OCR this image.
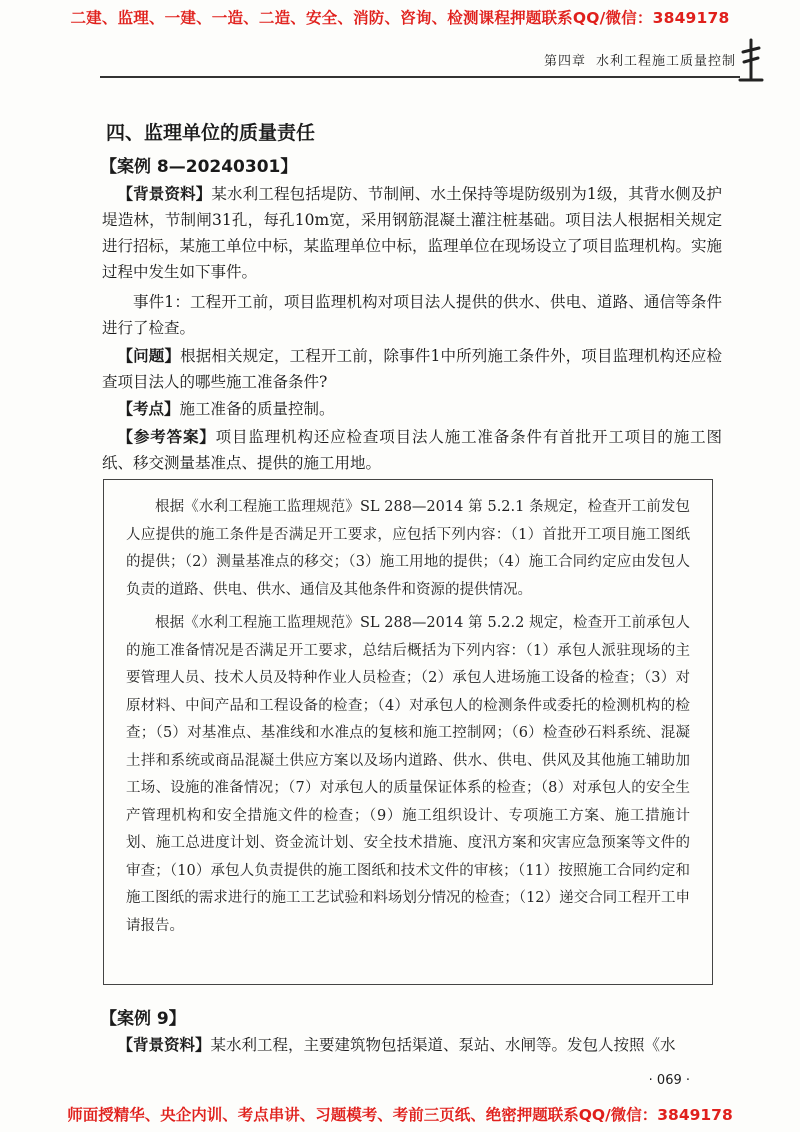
二建、监理、一建、一造、二造、安全、消防、咨询、检测课程押题联系QQ/微信：3849178
第四章 水利工程施工质量控制
四、监理单位的质量责任
【案例 8—20240301】
【背景资料】某水利工程包括堤防、节制闸、水土保持等堤防级别为1级，其背水侧及护堤造林，节制闸31孔，每孔10m宽，采用钢筋混凝土灌注桩基础。项目法人根据相关规定进行招标，某施工单位中标，某监理单位中标，监理单位在现场设立了项目监理机构。实施过程中发生如下事件。
事件1：工程开工前，项目监理机构对项目法人提供的供水、供电、道路、通信等条件进行了检查。
【问题】根据相关规定，工程开工前，除事件1中所列施工条件外，项目监理机构还应检查项目法人的哪些施工准备条件?
【考点】施工准备的质量控制。
【参考答案】项目监理机构还应检查项目法人施工准备条件有首批开工项目的施工图纸、移交测量基准点、提供的施工用地。

根据《水利工程施工监理规范》SL 288—2014 第 5.2.1 条规定，检查开工前发包人应提供的施工条件是否满足开工要求，应包括下列内容：（1）首批开工项目施工图纸的提供；（2）测量基准点的移交；（3）施工用地的提供；（4）施工合同约定应由发包人负责的道路、供电、供水、通信及其他条件和资源的提供情况。

根据《水利工程施工监理规范》SL 288—2014 第 5.2.2 规定，检查开工前承包人的施工准备情况是否满足开工要求，总结后概括为下列内容：（1）承包人派驻现场的主要管理人员、技术人员及特种作业人员检查；（2）承包人进场施工设备的检查；（3）对原材料、中间产品和工程设备的检查；（4）对承包人的检测条件或委托的检测机构的检查；（5）对基准点、基准线和水准点的复核和施工控制网；（6）检查砂石料系统、混凝土拌和系统或商品混凝土供应方案以及场内道路、供水、供电、供风及其他施工辅助加工场、设施的准备情况；（7）对承包人的质量保证体系的检查；（8）对承包人的安全生产管理机构和安全措施文件的检查；（9）施工组织设计、专项施工方案、施工措施计划、施工总进度计划、资金流计划、安全技术措施、度汛方案和灾害应急预案等文件的审查；（10）承包人负责提供的施工图纸和技术文件的审核；（11）按照施工合同约定和施工图纸的需求进行的施工工艺试验和料场划分情况的检查；（12）递交合同工程开工申请报告。

【案例 9】
【背景资料】某水利工程，主要建筑物包括渠道、泵站、水闸等。发包人按照《水
· 069 ·
师面授精华、央企内训、考点串讲、习题模考、考前三页纸、绝密押题联系QQ/微信：3849178
